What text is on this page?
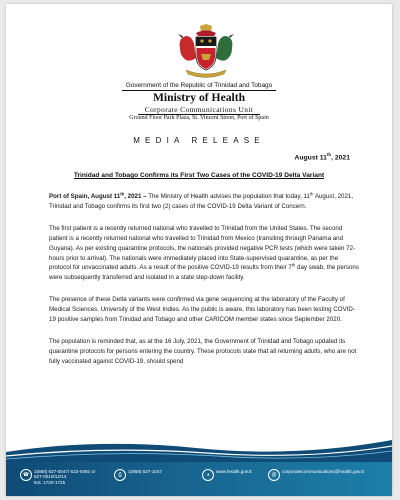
Government of the Republic of Trinidad and Tobago
Ministry of Health
Corporate Communications Unit
Ground Floor Park Plaza, St. Vincent Street, Port of Spain
MEDIA RELEASE
August 11th, 2021
Trinidad and Tobago Confirms its First Two Cases of the COVID-19 Delta Variant

Port of Spain, August 11th, 2021 – The Ministry of Health advises the population that today, 11th August, 2021, Trinidad and Tobago confirms its first two (2) cases of the COVID-19 Delta Variant of Concern.

The first patient is a recently returned national who travelled to Trinidad from the United States. The second patient is a recently returned national who travelled to Trinidad from Mexico (transiting through Panama and Guyana). As per existing quarantine protocols, the nationals provided negative PCR tests (which were taken 72-hours prior to arrival). The nationals were immediately placed into State-supervised quarantine, as per the protocol for unvaccinated adults. As a result of the positive COVID-19 results from their 7th day swab, the persons were subsequently transferred and isolated in a state step-down facility.

The presence of these Delta variants were confirmed via gene sequencing at the laboratory of the Faculty of Medical Sciences, University of the West Indies. As the public is aware, this laboratory has been testing COVID-19 positive samples from Trinidad and Tobago and other CARICOM member states since September 2020.

The population is reminded that, as at the 16 July, 2021, the Government of Trinidad and Tobago updated its quarantine protocols for persons entering the country. These protocols state that all returning adults, who are not fully vaccinated against COVID-19, should spend

☎	1(868) 627-0047/ 623-0492 or
627-0010/12/14
Ext. 1720-1725
⎙	1(868) 627-1047	◕	www.health.gov.tt	@	corporatecommunications@health.gov.tt
